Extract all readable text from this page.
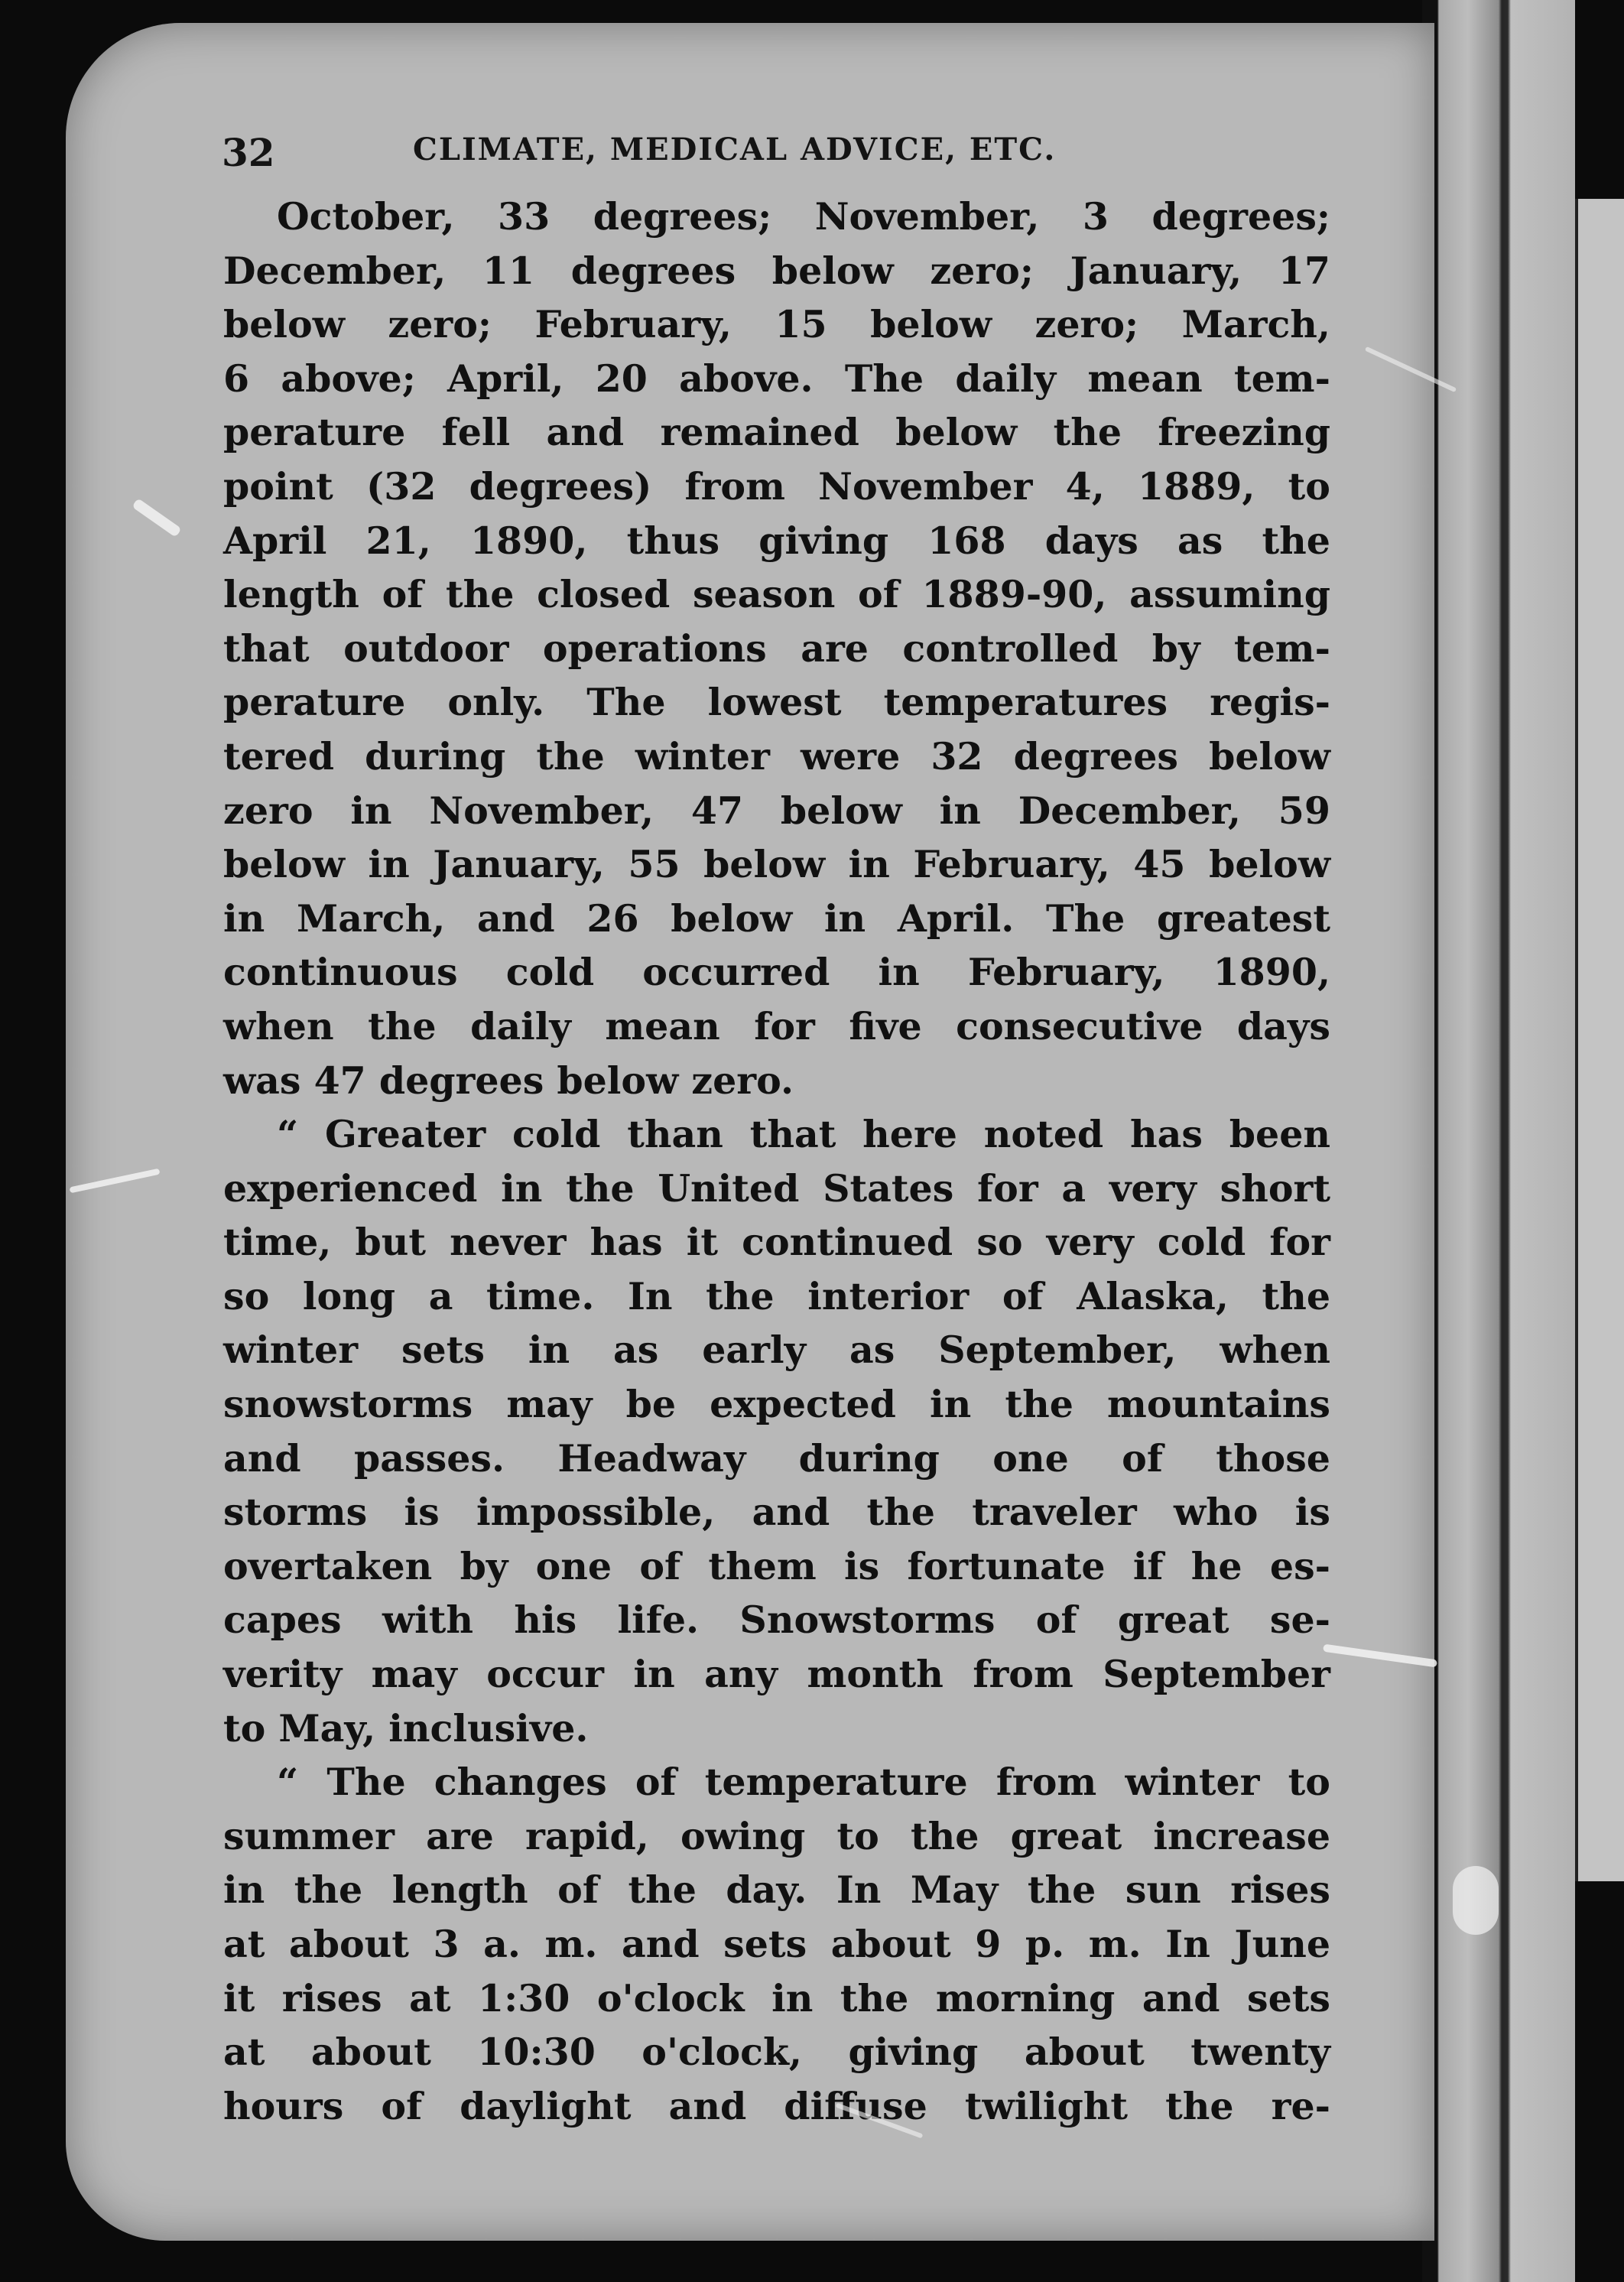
32	CLIMATE, MEDICAL ADVICE, ETC.
October, 33 degrees; November, 3 degrees;
December, 11 degrees below zero; January, 17
below zero; February, 15 below zero; March,
6 above; April, 20 above. The daily mean tem-
perature fell and remained below the freezing
point (32 degrees) from November 4, 1889, to
April 21, 1890, thus giving 168 days as the
length of the closed season of 1889-90, assuming
that outdoor operations are controlled by tem-
perature only. The lowest temperatures regis-
tered during the winter were 32 degrees below
zero in November, 47 below in December, 59
below in January, 55 below in February, 45 below
in March, and 26 below in April. The greatest
continuous cold occurred in February, 1890,
when the daily mean for five consecutive days
was 47 degrees below zero.
“ Greater cold than that here noted has been
experienced in the United States for a very short
time, but never has it continued so very cold for
so long a time. In the interior of Alaska, the
winter sets in as early as September, when
snowstorms may be expected in the mountains
and passes. Headway during one of those
storms is impossible, and the traveler who is
overtaken by one of them is fortunate if he es-
capes with his life. Snowstorms of great se-
verity may occur in any month from September
to May, inclusive.
“ The changes of temperature from winter to
summer are rapid, owing to the great increase
in the length of the day. In May the sun rises
at about 3 a. m. and sets about 9 p. m. In June
it rises at 1:30 o'clock in the morning and sets
at about 10:30 o'clock, giving about twenty
hours of daylight and diffuse twilight the re-
